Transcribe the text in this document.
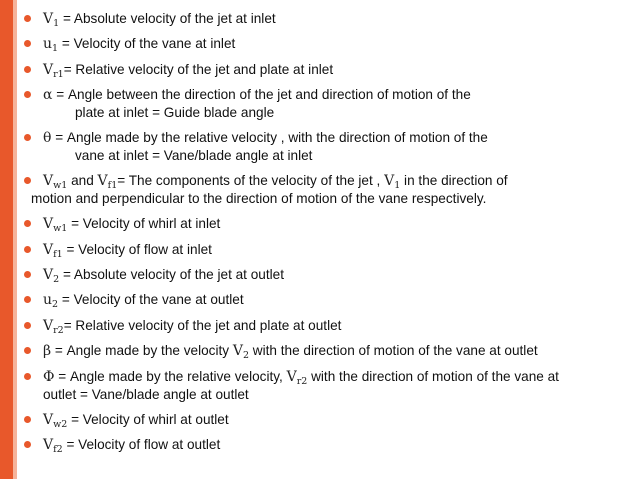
$V_1$ = Absolute velocity of the jet at inlet
$u_1$ = Velocity of the vane at inlet
$V_{r1}=$ Relative velocity of the jet and plate at inlet
α = Angle between the direction of the jet and direction of motion of the
plate at inlet = Guide blade angle
θ = Angle made by the relative velocity , with the direction of motion of the
vane at inlet = Vane/blade angle at inlet
$V_{w1}$ and $V_{f1}=$ The components of the velocity of the jet , $V_1$ in the direction of
motion and perpendicular to the direction of motion of the vane respectively.
$V_{w1}$ = Velocity of whirl at inlet
$V_{f1}$ = Velocity of flow at inlet
$V_2$ = Absolute velocity of the jet at outlet
$u_2$ = Velocity of the vane at outlet
$V_{r2}=$ Relative velocity of the jet and plate at outlet
β = Angle made by the velocity $V_2$ with the direction of motion of the vane at outlet
Φ = Angle made by the relative velocity, $V_{r2}$ with the direction of motion of the vane at
outlet = Vane/blade angle at outlet
$V_{w2}$ = Velocity of whirl at outlet
$V_{f2}$ = Velocity of flow at outlet
